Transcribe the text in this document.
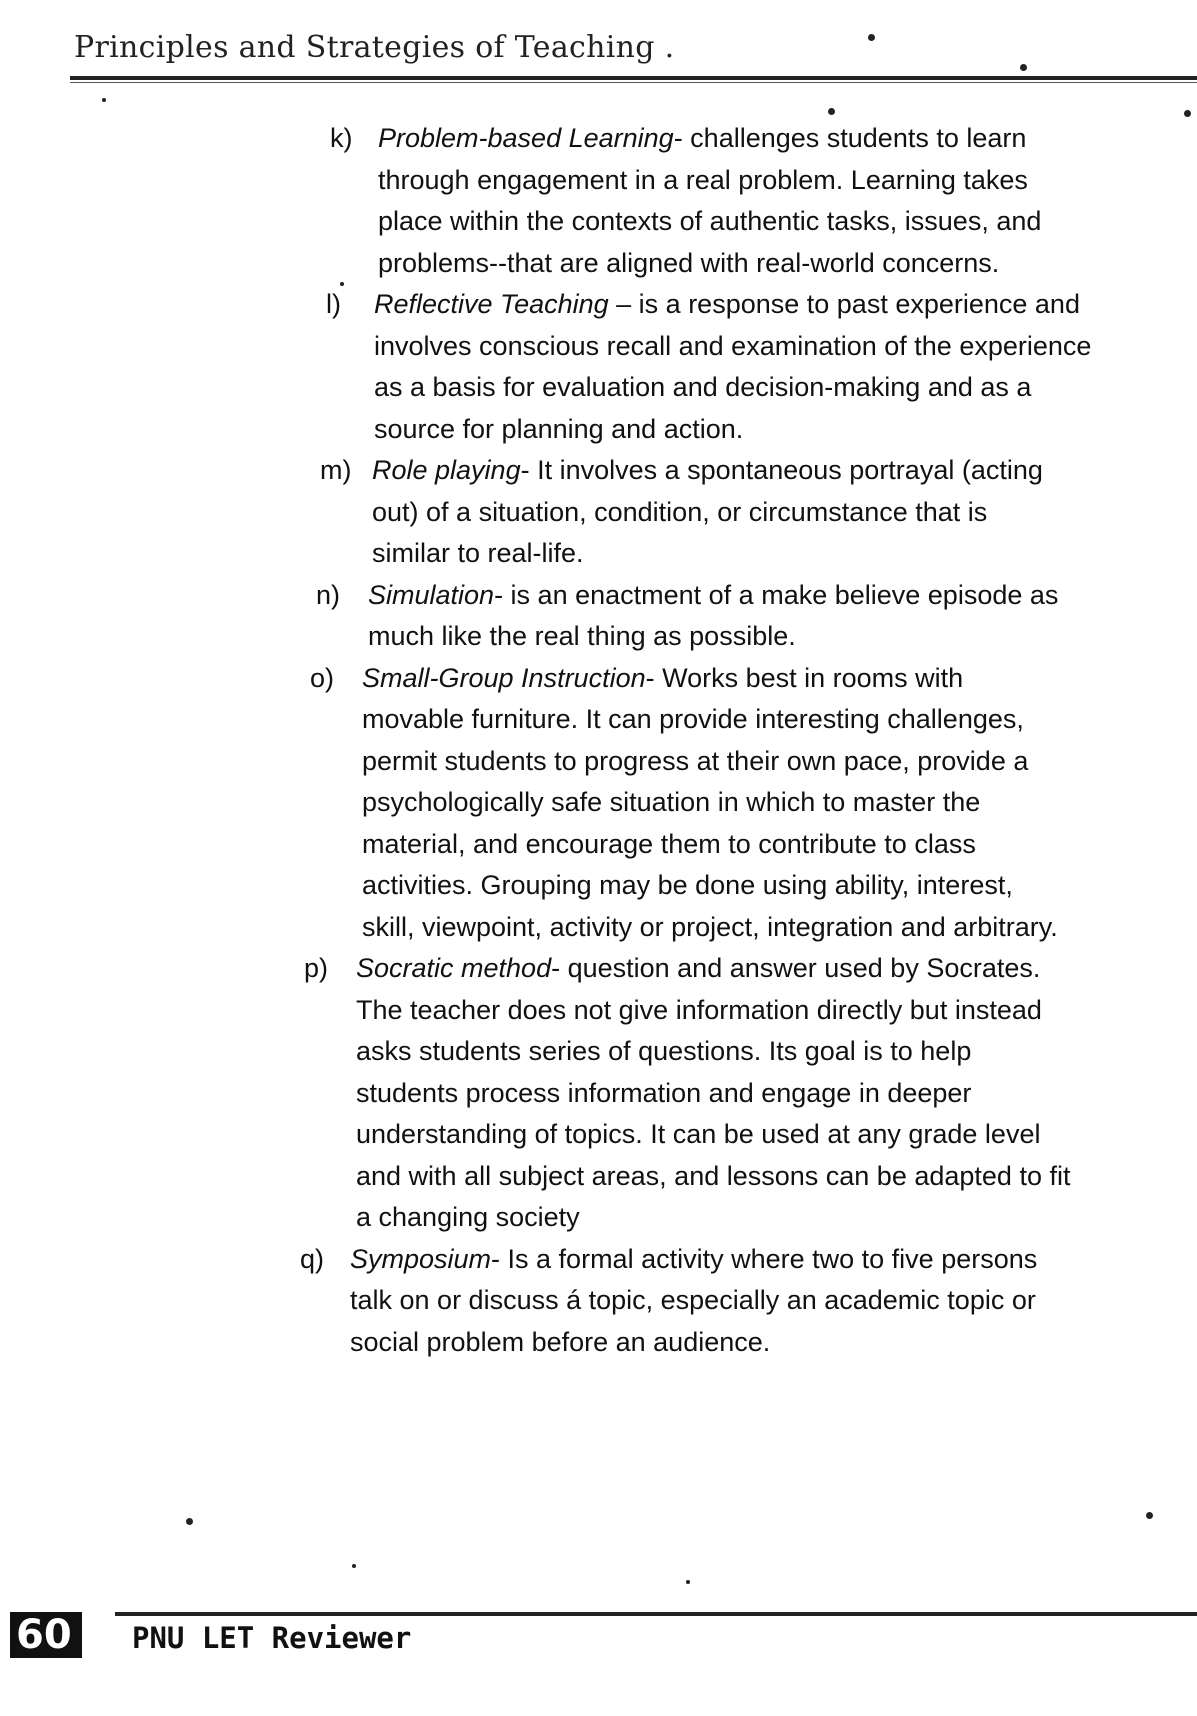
Principles and Strategies of Teaching .
k) Problem-based Learning- challenges students to learn through engagement in a real problem. Learning takes place within the contexts of authentic tasks, issues, and problems--that are aligned with real-world concerns.
l)	Reflective Teaching – is a response to past experience and involves conscious recall and examination of the experience as a basis for evaluation and decision-making and as a source for planning and action.
m) Role playing- It involves a spontaneous portrayal (acting out) of a situation, condition, or circumstance that is similar to real-life.
n)	Simulation- is an enactment of a make believe episode as much like the real thing as possible.
o)	Small-Group Instruction- Works best in rooms with movable furniture. It can provide interesting challenges, permit students to progress at their own pace, provide a psychologically safe situation in which to master the material, and encourage them to contribute to class activities. Grouping may be done using ability, interest, skill, viewpoint, activity or project, integration and arbitrary.
p)	Socratic method- question and answer used by Socrates. The teacher does not give information directly but instead asks students series of questions. Its goal is to help students process information and engage in deeper understanding of topics. It can be used at any grade level and with all subject areas, and lessons can be adapted to fit a changing society
q) Symposium- Is a formal activity where two to five persons talk on or discuss á topic, especially an academic topic or social problem before an audience.
60	PNU LET Reviewer
